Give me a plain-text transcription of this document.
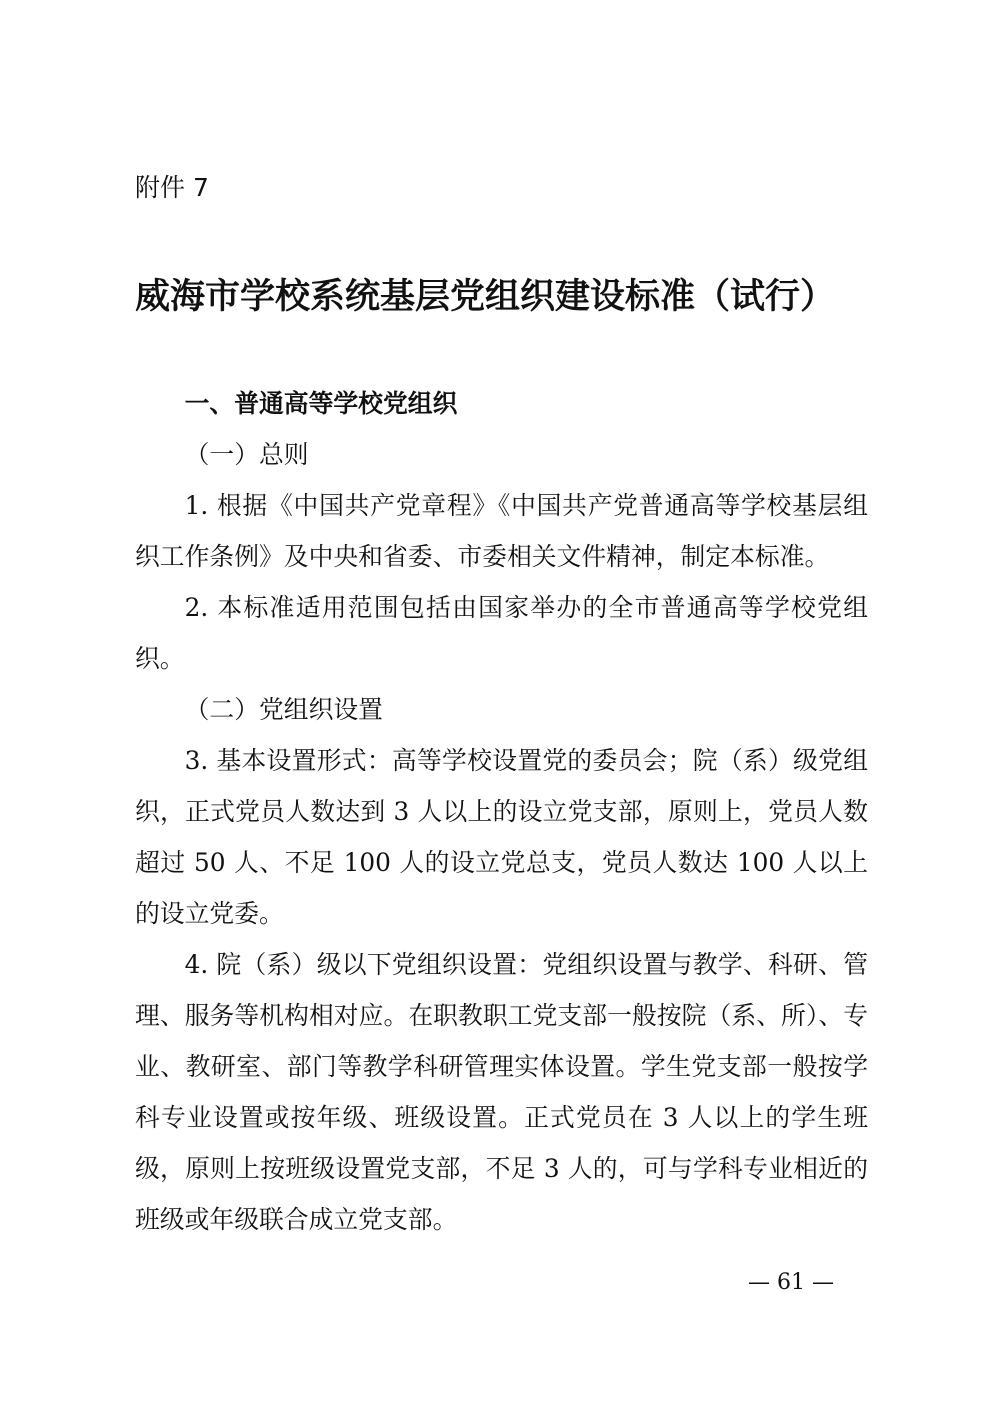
附件 7
威海市学校系统基层党组织建设标准（试行）

一、普通高等学校党组织

（一）总则

1. 根据《中国共产党章程》《中国共产党普通高等学校基层组织工作条例》及中央和省委、市委相关文件精神，制定本标准。

2. 本标准适用范围包括由国家举办的全市普通高等学校党组织。

（二）党组织设置

3. 基本设置形式：高等学校设置党的委员会；院（系）级党组织，正式党员人数达到 3 人以上的设立党支部，原则上，党员人数超过 50 人、不足 100 人的设立党总支，党员人数达 100 人以上的设立党委。

4. 院（系）级以下党组织设置：党组织设置与教学、科研、管理、服务等机构相对应。在职教职工党支部一般按院（系、所）、专业、教研室、部门等教学科研管理实体设置。学生党支部一般按学科专业设置或按年级、班级设置。正式党员在 3 人以上的学生班级，原则上按班级设置党支部，不足 3 人的，可与学科专业相近的班级或年级联合成立党支部。

— 61 —
